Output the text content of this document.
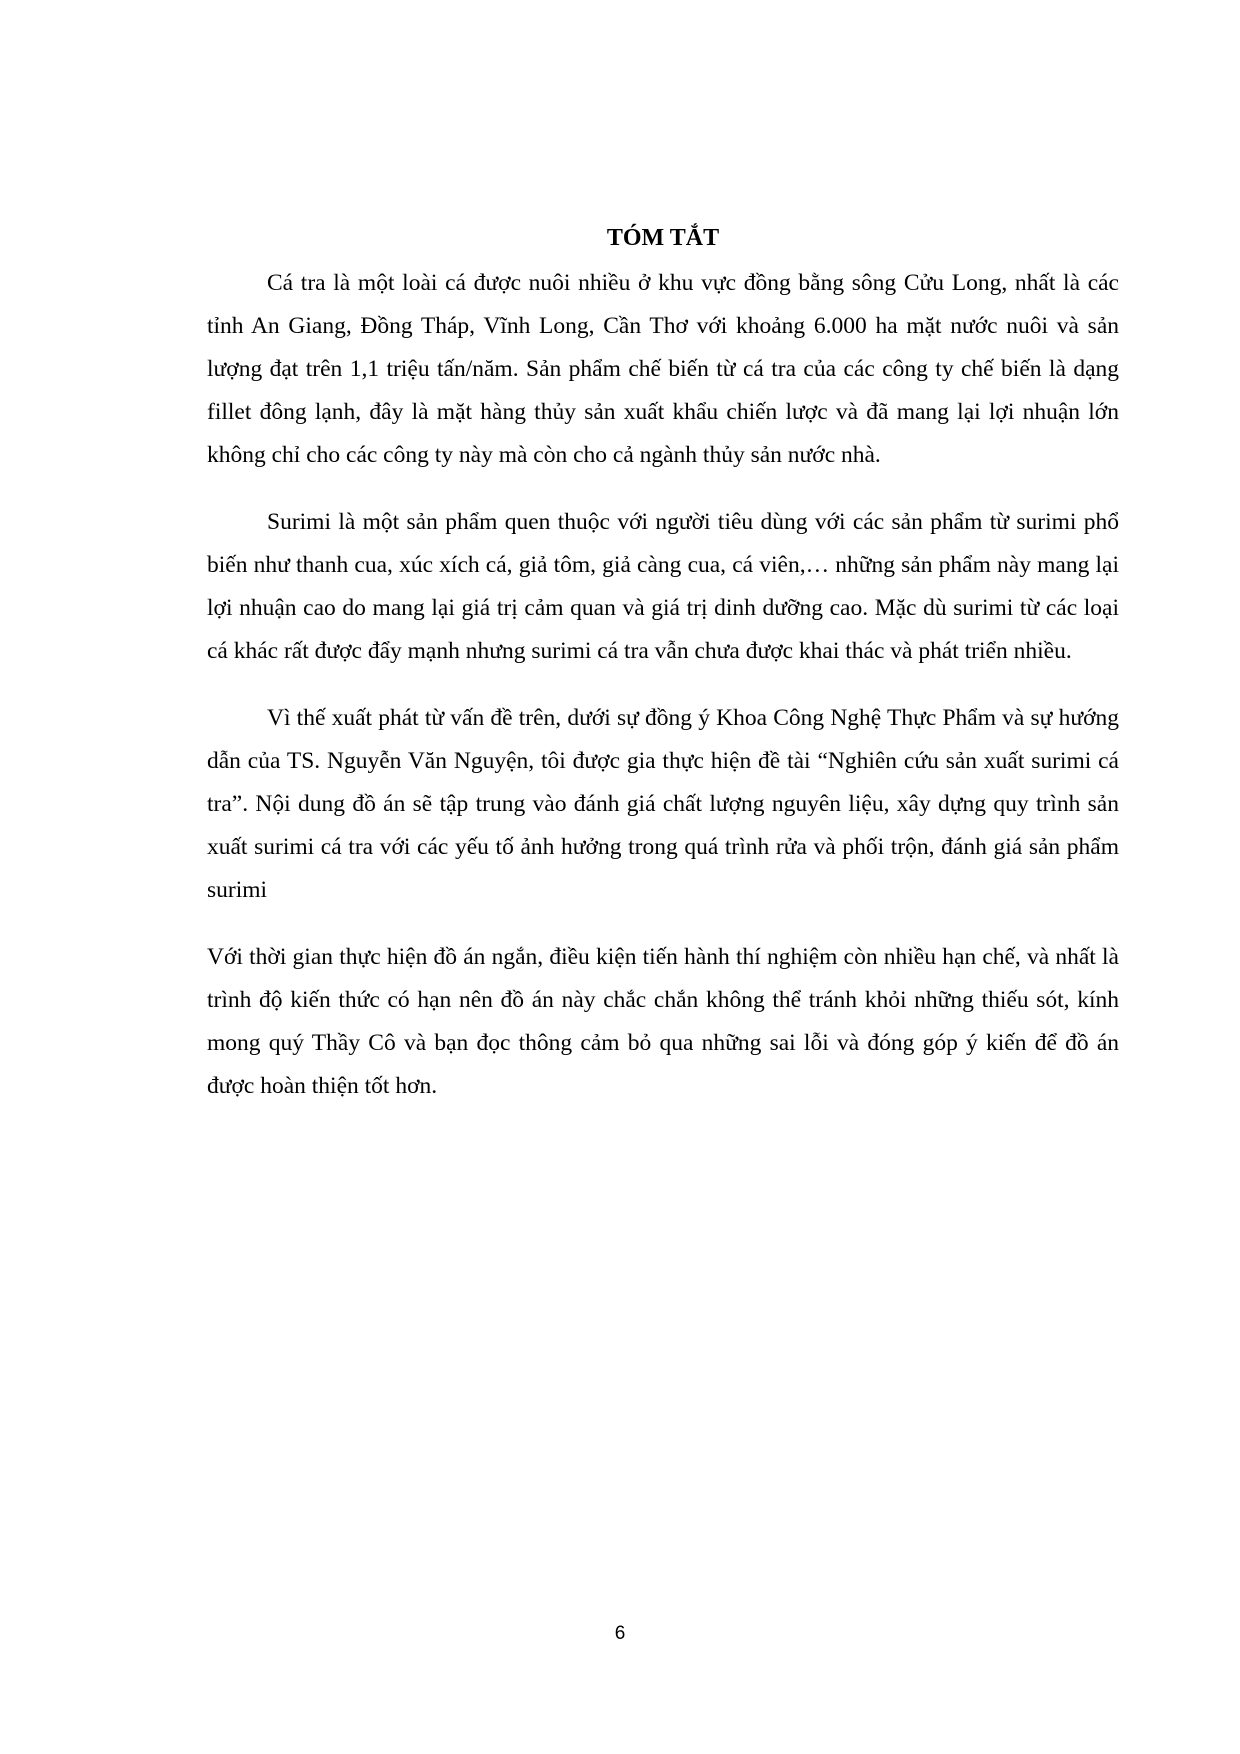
TÓM TẮT

Cá tra là một loài cá được nuôi nhiều ở khu vực đồng bằng sông Cửu Long, nhất là các tỉnh An Giang, Đồng Tháp, Vĩnh Long, Cần Thơ với khoảng 6.000 ha mặt nước nuôi và sản lượng đạt trên 1,1 triệu tấn/năm. Sản phẩm chế biến từ cá tra của các công ty chế biến là dạng fillet đông lạnh, đây là mặt hàng thủy sản xuất khẩu chiến lược và đã mang lại lợi nhuận lớn không chỉ cho các công ty này mà còn cho cả ngành thủy sản nước nhà.

Surimi là một sản phẩm quen thuộc với người tiêu dùng với các sản phẩm từ surimi phổ biến như thanh cua, xúc xích cá, giả tôm, giả càng cua, cá viên,… những sản phẩm này mang lại lợi nhuận cao do mang lại giá trị cảm quan và giá trị dinh dưỡng cao. Mặc dù surimi từ các loại cá khác rất được đẩy mạnh nhưng surimi cá tra vẫn chưa được khai thác và phát triển nhiều.

Vì thế xuất phát từ vấn đề trên, dưới sự đồng ý Khoa Công Nghệ Thực Phẩm và sự hướng dẫn của TS. Nguyễn Văn Nguyện, tôi được gia thực hiện đề tài “Nghiên cứu sản xuất surimi cá tra”. Nội dung đồ án sẽ tập trung vào đánh giá chất lượng nguyên liệu, xây dựng quy trình sản xuất surimi cá tra với các yếu tố ảnh hưởng trong quá trình rửa và phối trộn, đánh giá sản phẩm surimi

Với thời gian thực hiện đồ án ngắn, điều kiện tiến hành thí nghiệm còn nhiều hạn chế, và nhất là trình độ kiến thức có hạn nên đồ án này chắc chắn không thể tránh khỏi những thiếu sót, kính mong quý Thầy Cô và bạn đọc thông cảm bỏ qua những sai lỗi và đóng góp ý kiến để đồ án được hoàn thiện tốt hơn.

6
